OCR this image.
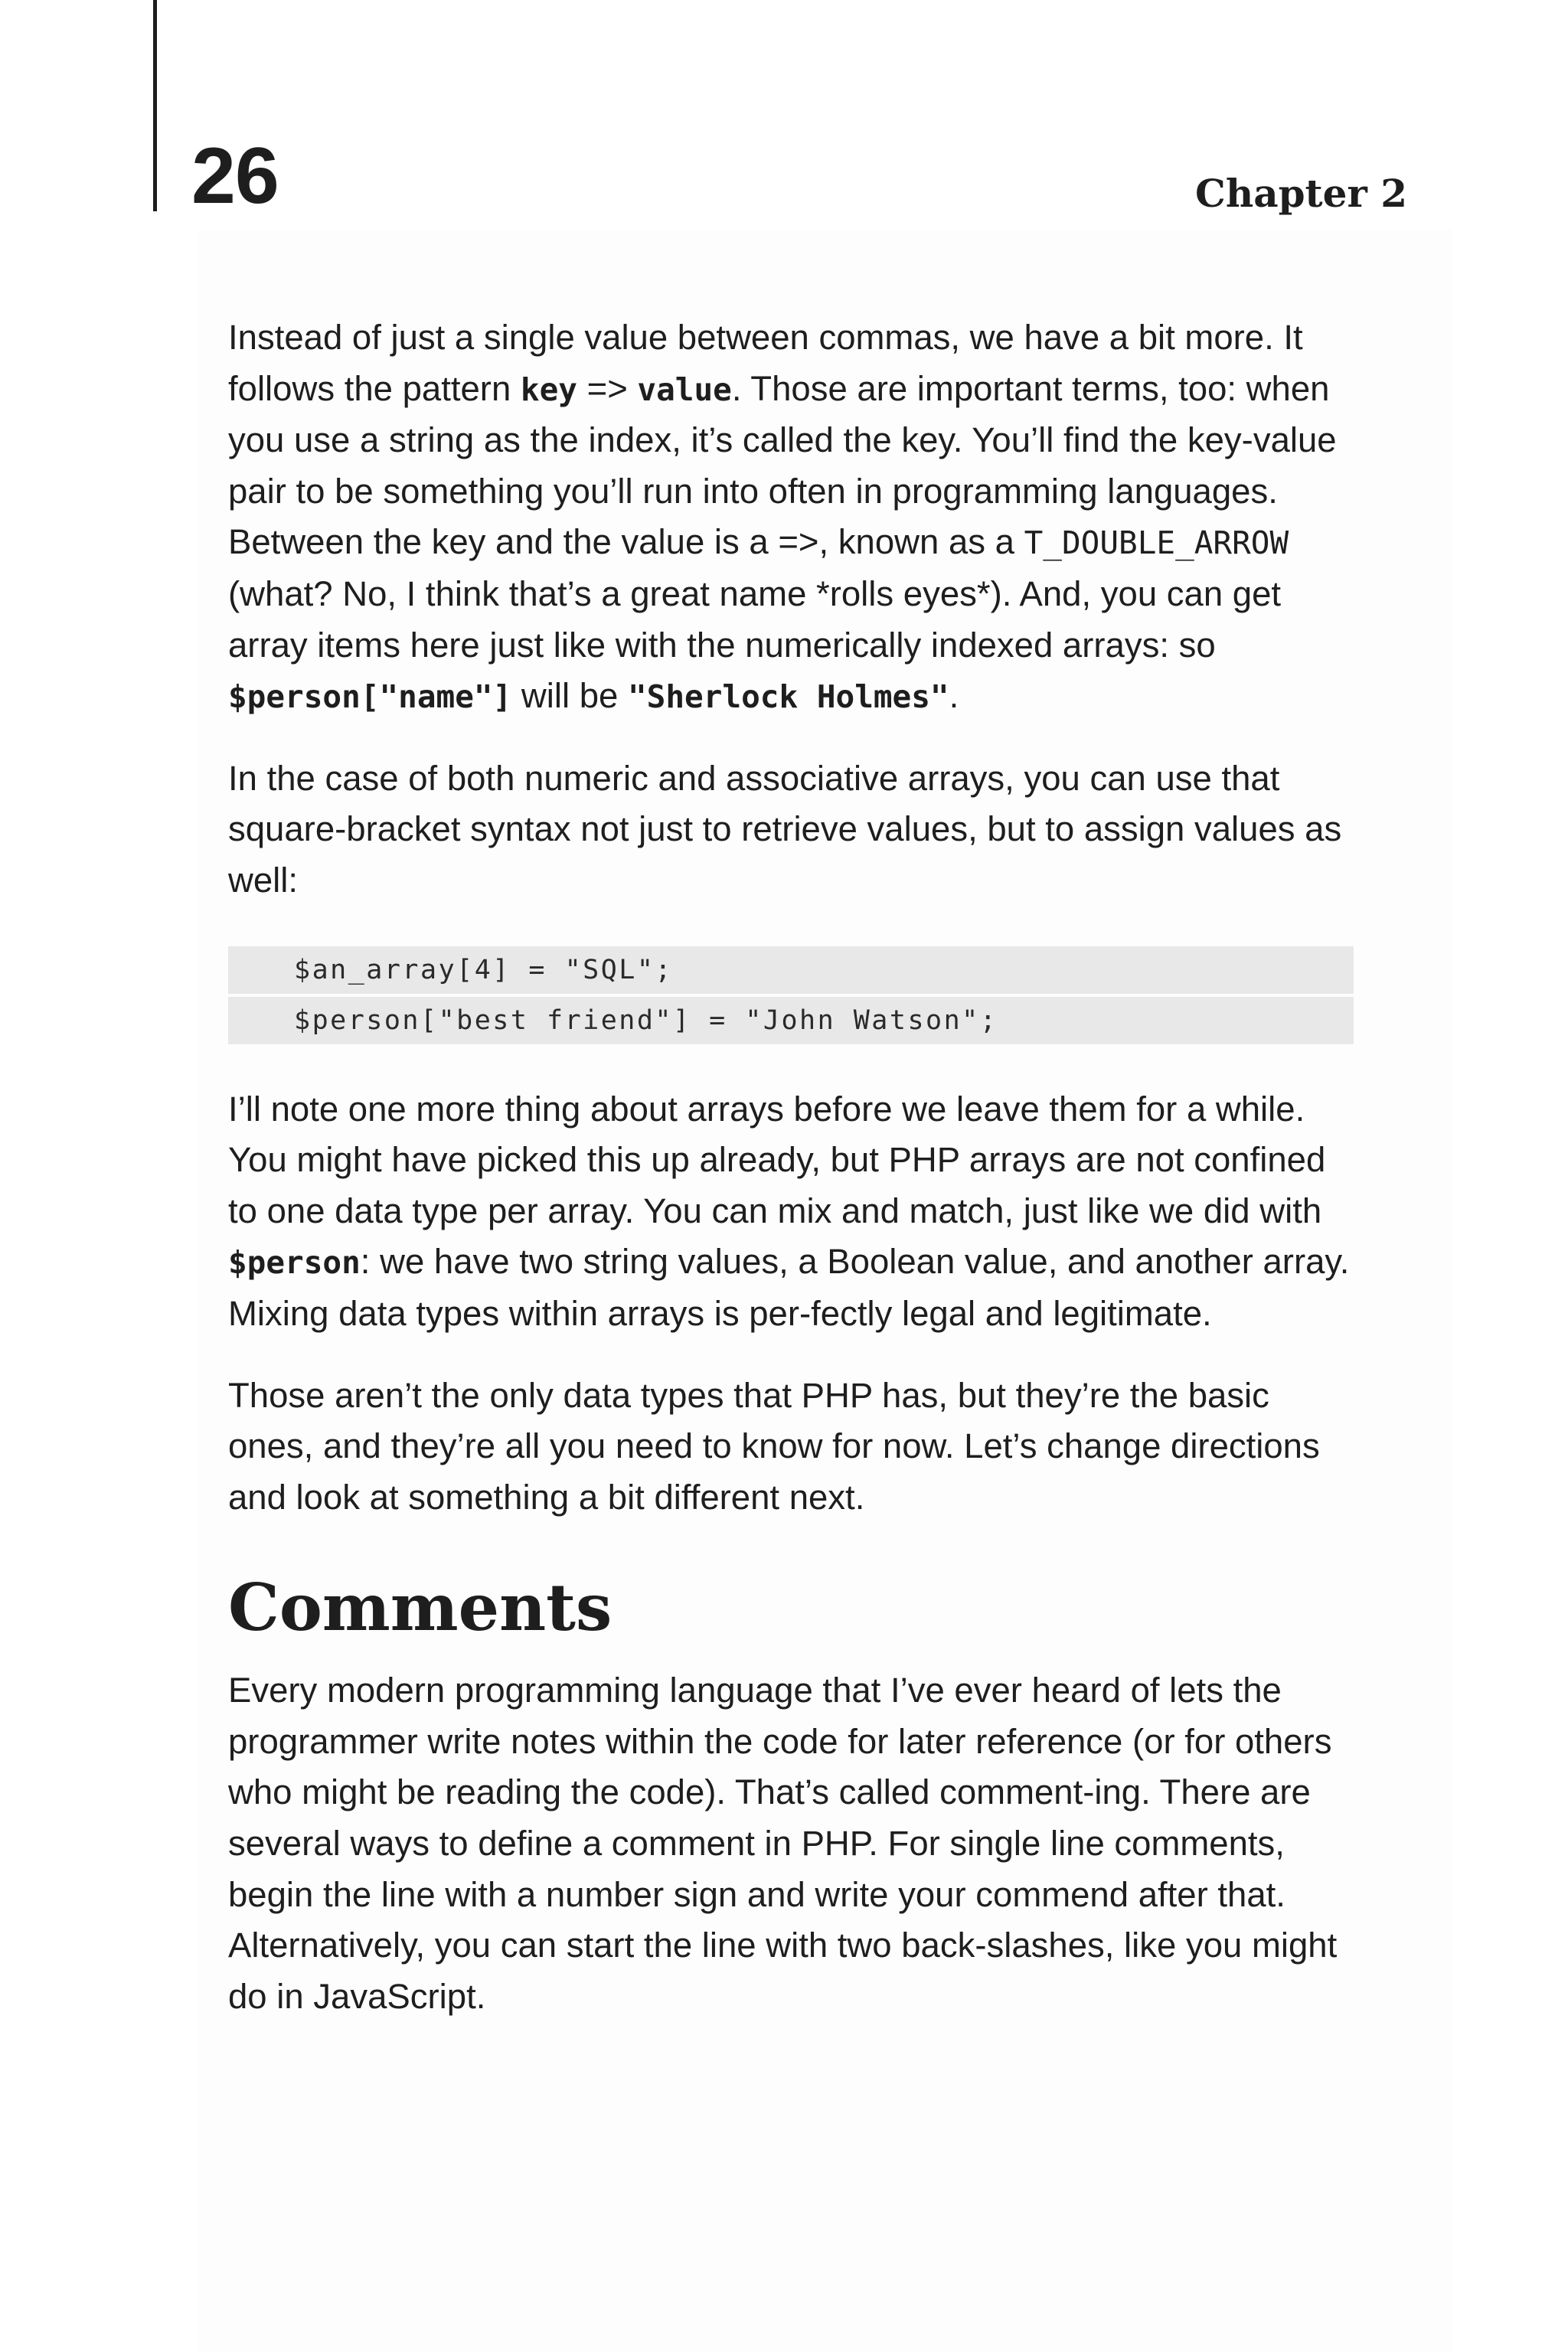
26	Chapter 2

Instead of just a single value between commas, we have a bit more. It follows the pattern key => value. Those are important terms, too: when you use a string as the index, it’s called the key. You’ll find the key-value pair to be something you’ll run into often in programming languages. Between the key and the value is a =>, known as a T_DOUBLE_ARROW (what? No, I think that’s a great name *rolls eyes*). And, you can get array items here just like with the numerically indexed arrays: so $person["name"] will be "Sherlock Holmes".

In the case of both numeric and associative arrays, you can use that square-bracket syntax not just to retrieve values, but to assign values as well:

$an_array[4] = "SQL";
$person["best friend"] = "John Watson";

I’ll note one more thing about arrays before we leave them for a while. You might have picked this up already, but PHP arrays are not confined to one data type per array. You can mix and match, just like we did with $person: we have two string values, a Boolean value, and another array. Mixing data types within arrays is per-fectly legal and legitimate.

Those aren’t the only data types that PHP has, but they’re the basic ones, and they’re all you need to know for now. Let’s change directions and look at something a bit different next.

Comments

Every modern programming language that I’ve ever heard of lets the programmer write notes within the code for later reference (or for others who might be reading the code). That’s called comment-ing. There are several ways to define a comment in PHP. For single line comments, begin the line with a number sign and write your commend after that. Alternatively, you can start the line with two back-slashes, like you might do in JavaScript.
